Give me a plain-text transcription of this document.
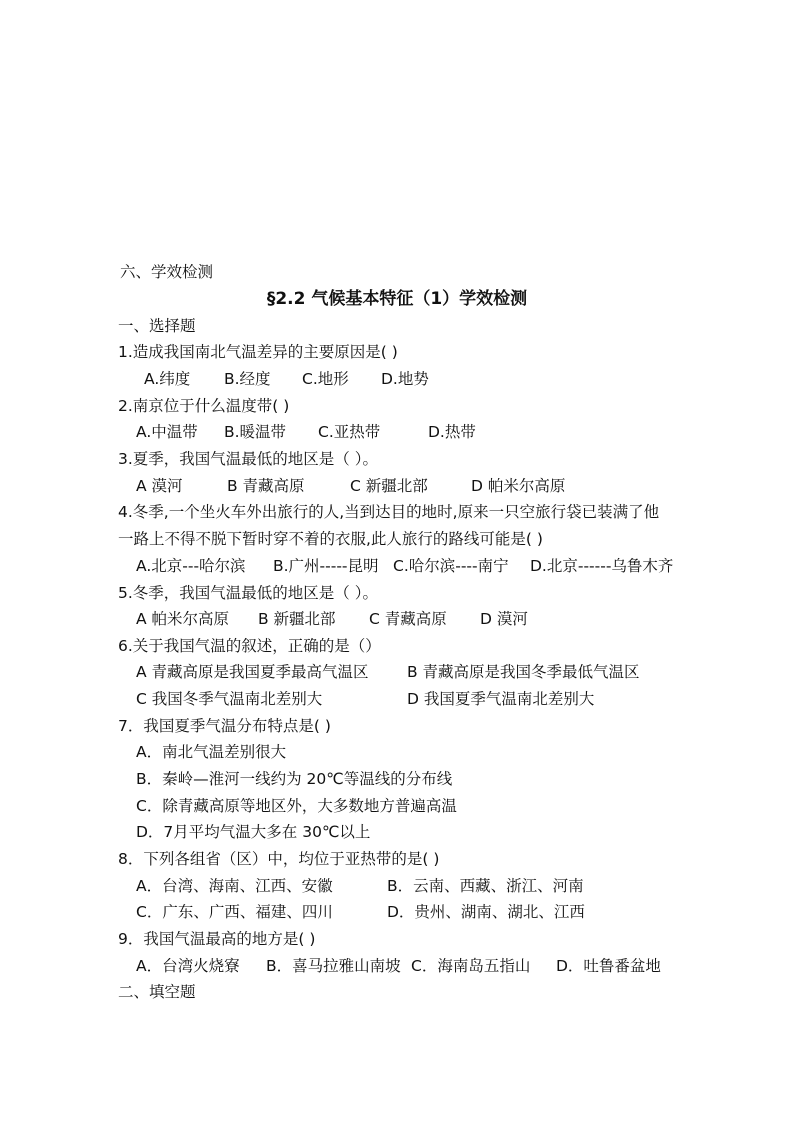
六、学效检测
§2.2 气候基本特征（1）学效检测
一、选择题
1.造成我国南北气温差异的主要原因是( )
A.纬度 B.经度 C.地形 D.地势
2.南京位于什么温度带( )
A.中温带 B.暖温带 C.亚热带	D.热带
3.夏季，我国气温最低的地区是（ ）。
A 漠河	B 青藏高原	C 新疆北部	D 帕米尔高原
4.冬季,一个坐火车外出旅行的人,当到达目的地时,原来一只空旅行袋已装满了他
一路上不得不脱下暂时穿不着的衣服,此人旅行的路线可能是( )
A.北京---哈尔滨 B.广州-----昆明 C.哈尔滨----南宁 D.北京------乌鲁木齐
5.冬季，我国气温最低的地区是（ ）。
A 帕米尔高原 B 新疆北部 C 青藏高原 D 漠河
6.关于我国气温的叙述，正确的是（）
A 青藏高原是我国夏季最高气温区 B 青藏高原是我国冬季最低气温区
C 我国冬季气温南北差别大	D 我国夏季气温南北差别大
7．我国夏季气温分布特点是( )
A．南北气温差别很大
B．秦岭—淮河一线约为 20℃等温线的分布线
C．除青藏高原等地区外，大多数地方普遍高温
D．7月平均气温大多在 30℃以上
8．下列各组省（区）中，均位于亚热带的是( )
A．台湾、海南、江西、安徽	B．云南、西藏、浙江、河南
C．广东、广西、福建、四川	D．贵州、湖南、湖北、江西
9．我国气温最高的地方是( )
A．台湾火烧寮 B．喜马拉雅山南坡 C．海南岛五指山 D．吐鲁番盆地
二、填空题
